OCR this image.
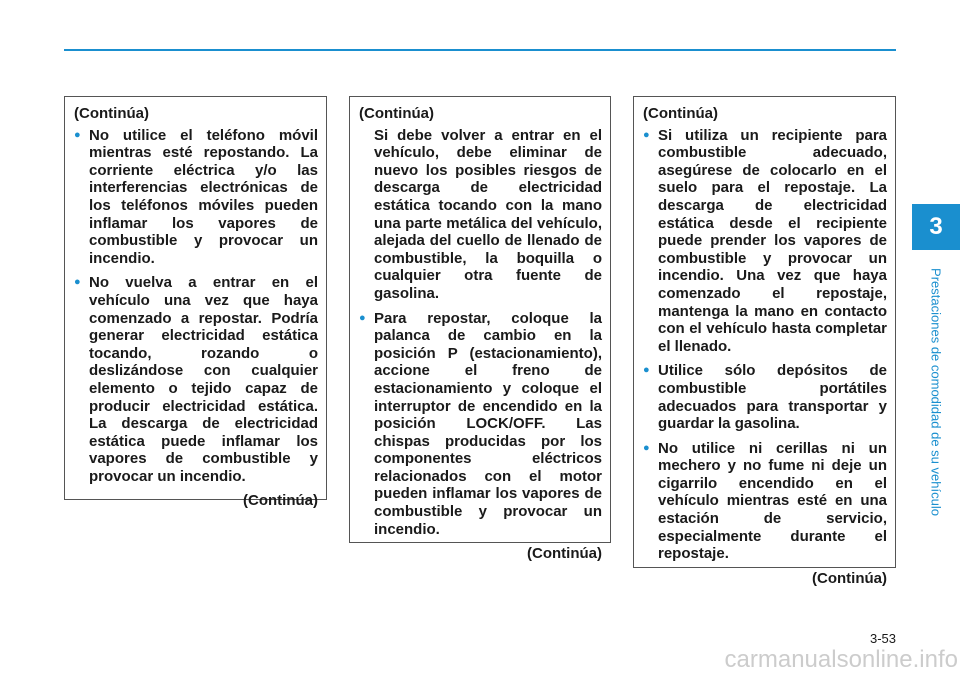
3
Prestaciones de comodidad de su vehículo
(Continúa)
● No utilice el teléfono móvil mientras esté repostando. La corriente eléctrica y/o las interferencias electrónicas de los teléfonos móviles pueden inflamar los vapores de combustible y provocar un incendio.
● No vuelva a entrar en el vehículo una vez que haya comenzado a repostar. Podría generar electricidad estática tocando, rozando o deslizándose con cualquier elemento o tejido capaz de producir electricidad estática. La descarga de electricidad estática puede inflamar los vapores de combustible y provocar un incendio.
(Continúa)
(Continúa)
Si debe volver a entrar en el vehículo, debe eliminar de nuevo los posibles riesgos de descarga de electricidad estática tocando con la mano una parte metálica del vehículo, alejada del cuello de llenado de combustible, la boquilla o cualquier otra fuente de gasolina.
● Para repostar, coloque la palanca de cambio en la posición P (estacionamiento), accione el freno de estacionamiento y coloque el interruptor de encendido en la posición LOCK/OFF. Las chispas producidas por los componentes eléctricos relacionados con el motor pueden inflamar los vapores de combustible y provocar un incendio.
(Continúa)
(Continúa)
● Si utiliza un recipiente para combustible adecuado, asegúrese de colocarlo en el suelo para el repostaje. La descarga de electricidad estática desde el recipiente puede prender los vapores de combustible y provocar un incendio. Una vez que haya comenzado el repostaje, mantenga la mano en contacto con el vehículo hasta completar el llenado.
● Utilice sólo depósitos de combustible portátiles adecuados para transportar y guardar la gasolina.
● No utilice ni cerillas ni un mechero y no fume ni deje un cigarrilo encendido en el vehículo mientras esté en una estación de servicio, especialmente durante el repostaje.
(Continúa)
3-53
carmanualsonline.info
